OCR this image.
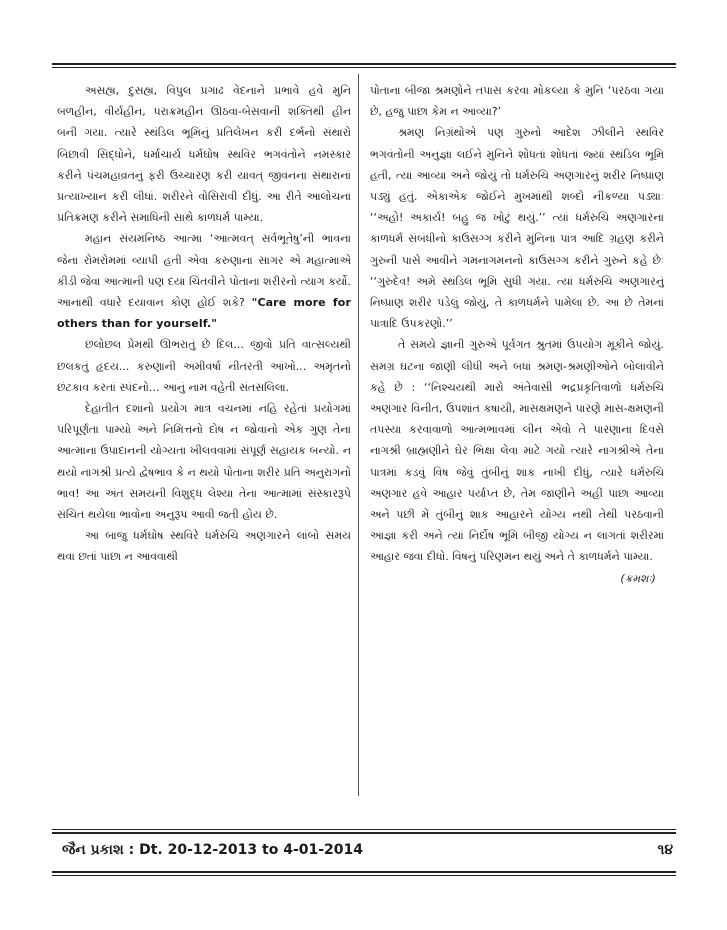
અસહ્ય, દુસહ્ય, વિપુલ પ્રગાઢ વેદનાને પ્રભાવે હવે મુનિ બળહીન, વીર્યહીન, પરાક્રમહીન ઊઠવા-બેસવાની શક્તિથી હીન બની ગયા. ત્યારે સ્થંડિલ ભૂમિનું પ્રતિલેખન કરી દર્ભનો સંથારો બિછાવી સિદ્ધોને, ધર્માચાર્ય ધર્મઘોષ સ્થવિર ભગવંતોને નમસ્કાર કરીને પંચમહાવ્રતનું ફરી ઉચ્ચારણ કરી યાવત્ જીવનના સંથારાનાં પ્રત્યાખ્યાન કરી લીધાં. શરીરને વોસિરાવી દીધું. આ રીતે આલોચના પ્રતિક્રમણ કરીને સમાધિની સાથે કાળધર્મ પામ્યા.

મહાન સંયમનિષ્ઠ આત્મા ‘આત્મવત્ સર્વભૂતેષુ’ની ભાવના જેના રોમરોમમાં વ્યાપી હતી એવા કરુણાના સાગર એ મહાત્માએ કીડી જેવા આત્માની પણ દયા ચિંતવીને પોતાના શરીરનો ત્યાગ કર્યો. આનાથી વધારે દયાવાન કોણ હોઈ શકે? "Care more for others than for yourself."

છલોછલ પ્રેમથી ઊભરાતું છે દિલ... જીવો પ્રતિ વાત્સલ્યથી છલકતું હૃદય... કરુણાની અમીવર્ષા નીતરતી આંખો... અમૃતનો છંટકાવ કરતાં સ્પંદનો... આનું નામ વહેતી સંતસલિલા.

દેહાતીત દશાનો પ્રયોગ માત્ર વચનમાં નહિ રહેતાં પ્રયોગમાં પરિપૂર્ણતા પામ્યો અને નિમિત્તનો દોષ ન જોવાનો એક ગુણ તેના આત્માના ઉપાદાનની યોગ્યતા ખીલવવામાં સંપૂર્ણ સહાયક બન્યો. ન થયો નાગશ્રી પ્રત્યે દ્વેષભાવ કે ન થયો પોતાના શરીર પ્રતિ અનુરાગનો ભાવ! આ અંત સમયની વિશુદ્ધ લેશ્યા તેના આત્મામાં સંસ્કારરૂપે સંચિત થયેલા ભાવોના અનુરૂપ આવી જતી હોય છે.

આ બાજુ ધર્મઘોષ સ્થવિરે ધર્મરુચિ અણગારને લાંબો સમય થવા છતાં પાછા ન આવવાથી

પોતાના બીજા શ્રમણોને તપાસ કરવા મોકલ્યા કે મુનિ ‘પરઠવા ગયા છે, હજુ પાછા કેમ ન આવ્યા?’

શ્રમણ નિગ્રંથોએ પણ ગુરુનો આદેશ ઝીલીને સ્થવિર ભગવંતોની અનુજ્ઞા લઈને મુનિને શોધતાં શોધતાં જ્યાં સ્થંડિલ ભૂમિ હતી, ત્યાં આવ્યા અને જોયું તો ધર્મરુચિ અણગારનું શરીર નિષ્પ્રાણ પડ્યું હતું. એકાએક જોઈને મુખમાંથી શબ્દો નીકળ્યા પડ્યાઃ ‘‘અહો! અકાર્ય! બહુ જ ખોટું થયું.’’ ત્યાં ધર્મરુચિ અણગારના કાળધર્મ સંબંધીનો કાઉસગ્ગ કરીને મુનિના પાત્ર આદિ ગ્રહણ કરીને ગુરુની પાસે આવીને ગમનાગમનનો કાઉસગ્ગ કરીને ગુરુને કહે છેઃ ‘‘ગુરુદેવ! અમે સ્થંડિલ ભૂમિ સુધી ગયા. ત્યાં ધર્મરુચિ અણગારનું નિષ્પ્રાણ શરીર પડેલું જોયું, તે કાળધર્મને પામેલા છે. આ છે તેમનાં પાત્રાદિ ઉપકરણો.’’

તે સમયે જ્ઞાની ગુરુએ પૂર્વગત શ્રુતમાં ઉપયોગ મૂકીને જોયું. સમગ્ર ઘટના જાણી લીધી અને બધાં શ્રમણ-શ્રમણીઓને બોલાવીને કહે છે : ‘‘નિશ્ચયથી મારો અંતેવાસી ભદ્રપ્રકૃતિવાળો ધર્મરુચિ અણગાર વિનીત, ઉપશાંત કષાયી, માસક્ષમણને પારણે માસ-ક્ષમણની તપસ્યા કરવાવાળો આત્મભાવમાં લીન એવો તે પારણાના દિવસે નાગશ્રી બ્રાહ્મણીને ઘેર ભિક્ષા લેવા માટે ગયો ત્યારે નાગશ્રીએ તેના પાત્રમાં કડવું વિષ જેવું તુંબીનું શાક નાખી દીધું, ત્યારે ધર્મરુચિ અણગાર હવે આહાર પર્યાપ્ત છે, તેમ જાણીને અહીં પાછા આવ્યા અને પછી મેં તુંબીનું શાક આહારને યોગ્ય નથી તેથી પરઠવાની આજ્ઞા કરી અને ત્યાં નિર્દોષ ભૂમિ બીજી યોગ્ય ન લાગતાં શરીરમાં આહાર જવા દીધો. વિષનું પરિણમન થયું અને તે કાળધર્મને પામ્યા.
(ક્રમશઃ)

જૈન પ્રકાશ : Dt. 20-12-2013 to 4-01-2014	૧૪
